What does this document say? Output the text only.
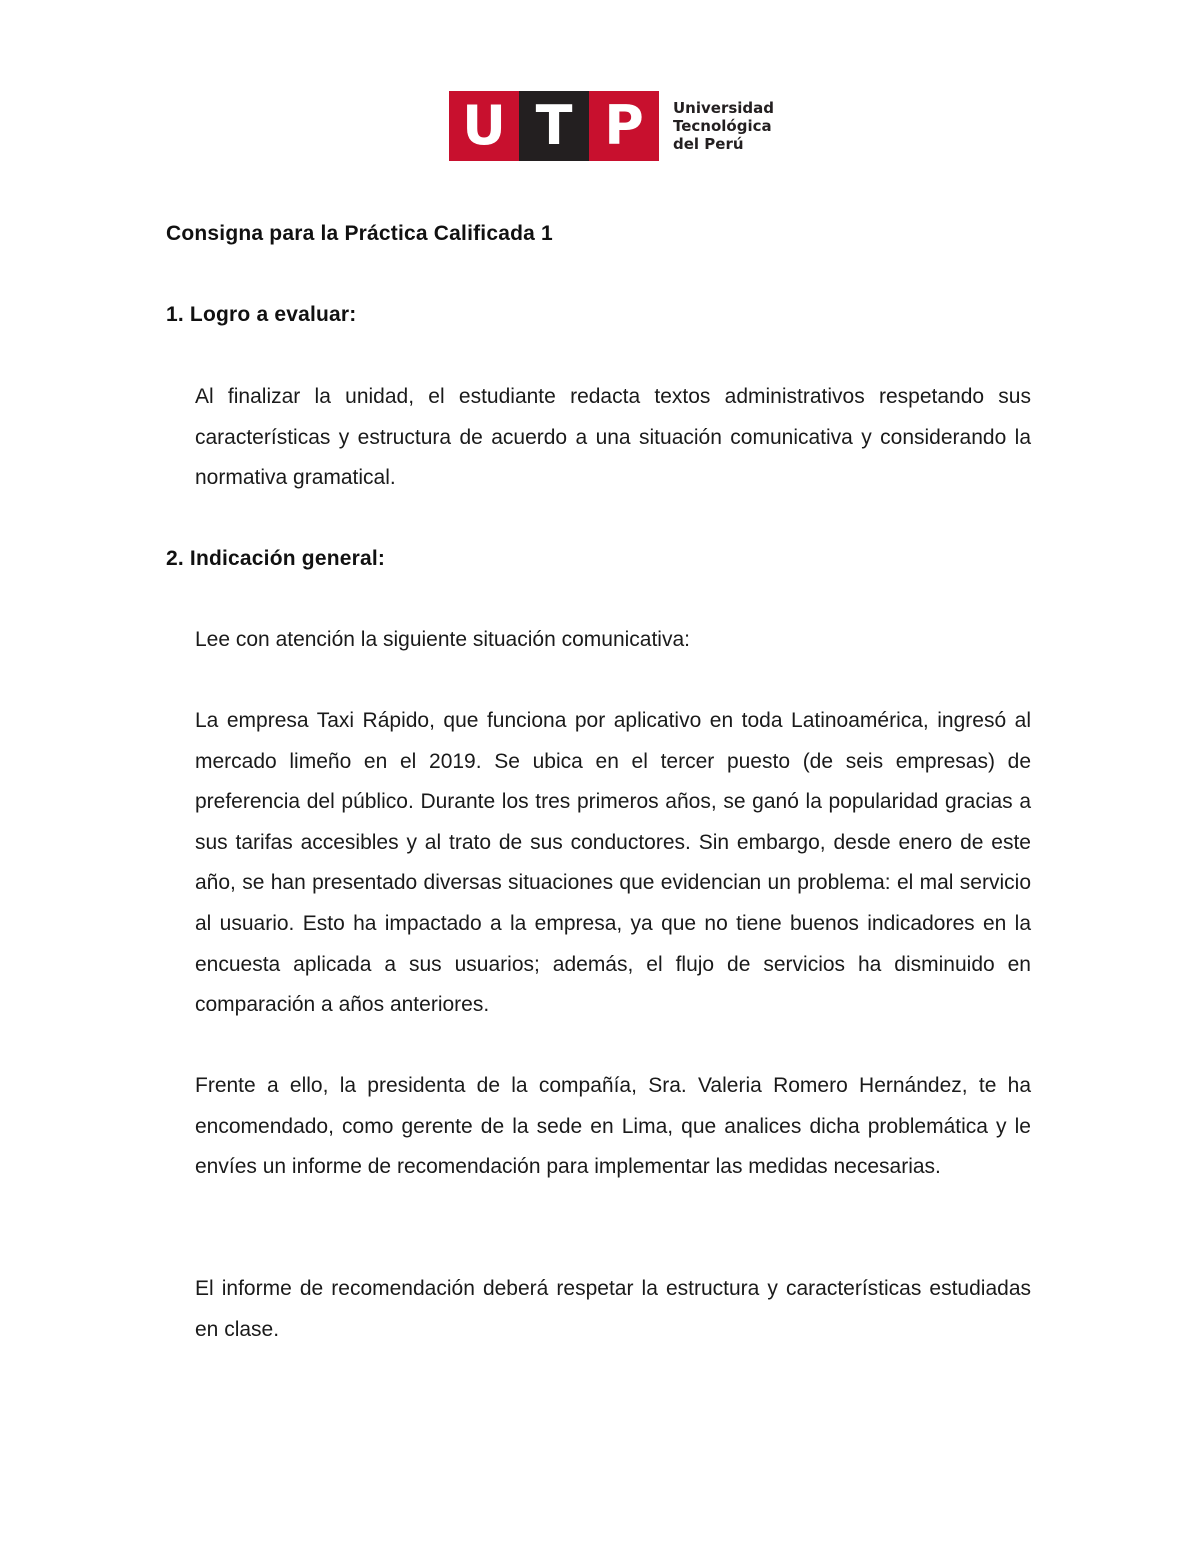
U T P	Universidad
Tecnológica
del Perú
Consigna para la Práctica Calificada 1
1. Logro a evaluar:

Al finalizar la unidad, el estudiante redacta textos administrativos respetando sus características y estructura de acuerdo a una situación comunicativa y considerando la normativa gramatical.

2. Indicación general:

Lee con atención la siguiente situación comunicativa:

La empresa Taxi Rápido, que funciona por aplicativo en toda Latinoamérica, ingresó al mercado limeño en el 2019. Se ubica en el tercer puesto (de seis empresas) de preferencia del público. Durante los tres primeros años, se ganó la popularidad gracias a sus tarifas accesibles y al trato de sus conductores. Sin embargo, desde enero de este año, se han presentado diversas situaciones que evidencian un problema: el mal servicio al usuario. Esto ha impactado a la empresa, ya que no tiene buenos indicadores en la encuesta aplicada a sus usuarios; además, el flujo de servicios ha disminuido en comparación a años anteriores.

Frente a ello, la presidenta de la compañía, Sra. Valeria Romero Hernández, te ha encomendado, como gerente de la sede en Lima, que analices dicha problemática y le envíes un informe de recomendación para implementar las medidas necesarias.

El informe de recomendación deberá respetar la estructura y características estudiadas en clase.
